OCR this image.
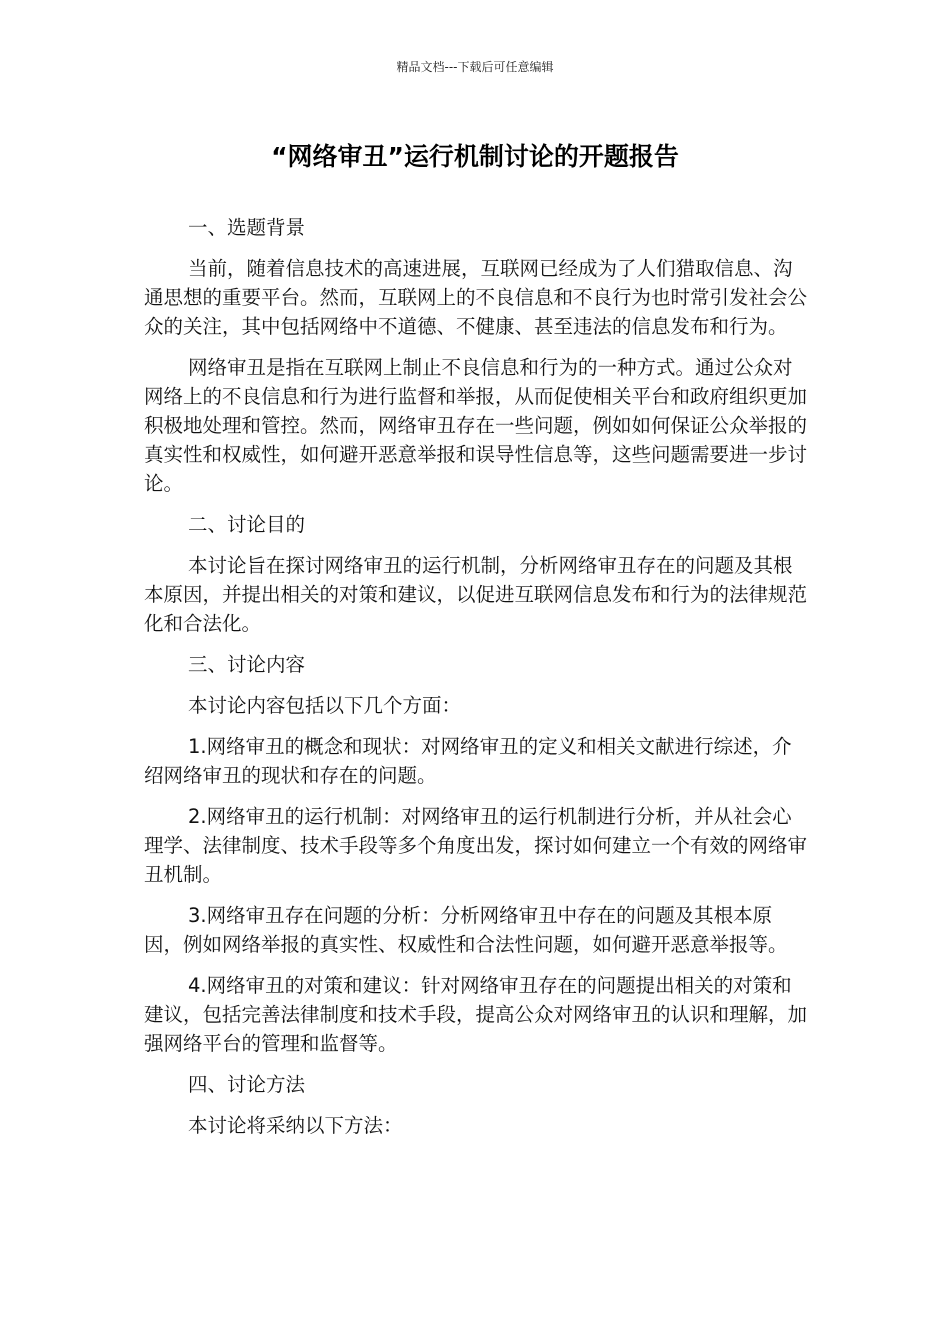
精品文档---下载后可任意编辑
“网络审丑”运行机制讨论的开题报告
一、选题背景

当前，随着信息技术的高速进展，互联网已经成为了人们猎取信息、沟通思想的重要平台。然而，互联网上的不良信息和不良行为也时常引发社会公众的关注，其中包括网络中不道德、不健康、甚至违法的信息发布和行为。

网络审丑是指在互联网上制止不良信息和行为的一种方式。通过公众对网络上的不良信息和行为进行监督和举报，从而促使相关平台和政府组织更加积极地处理和管控。然而，网络审丑存在一些问题，例如如何保证公众举报的真实性和权威性，如何避开恶意举报和误导性信息等，这些问题需要进一步讨论。

二、讨论目的

本讨论旨在探讨网络审丑的运行机制，分析网络审丑存在的问题及其根本原因，并提出相关的对策和建议，以促进互联网信息发布和行为的法律规范化和合法化。

三、讨论内容

本讨论内容包括以下几个方面：

1.网络审丑的概念和现状：对网络审丑的定义和相关文献进行综述，介绍网络审丑的现状和存在的问题。

2.网络审丑的运行机制：对网络审丑的运行机制进行分析，并从社会心理学、法律制度、技术手段等多个角度出发，探讨如何建立一个有效的网络审丑机制。

3.网络审丑存在问题的分析：分析网络审丑中存在的问题及其根本原因，例如网络举报的真实性、权威性和合法性问题，如何避开恶意举报等。

4.网络审丑的对策和建议：针对网络审丑存在的问题提出相关的对策和建议，包括完善法律制度和技术手段，提高公众对网络审丑的认识和理解，加强网络平台的管理和监督等。

四、讨论方法

本讨论将采纳以下方法：
